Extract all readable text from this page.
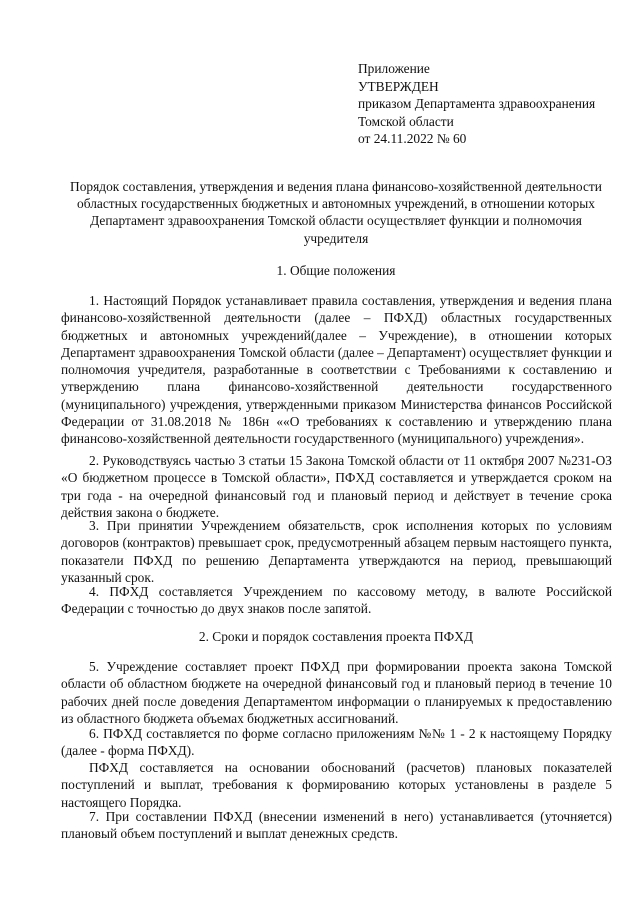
Приложение
УТВЕРЖДЕН
приказом Департамента здравоохранения
Томской области
от 24.11.2022 № 60
Порядок составления, утверждения и ведения плана финансово-хозяйственной деятельности областных государственных бюджетных и автономных учреждений, в отношении которых Департамент здравоохранения Томской области осуществляет функции и полномочия учредителя
1. Общие положения

1. Настоящий Порядок устанавливает правила составления, утверждения и ведения плана финансово-хозяйственной деятельности (далее – ПФХД) областных государственных бюджетных и автономных учреждений(далее – Учреждение), в отношении которых Департамент здравоохранения Томской области (далее – Департамент) осуществляет функции и полномочия учредителя, разработанные в соответствии с Требованиями к составлению и утверждению плана финансово-хозяйственной деятельности государственного (муниципального) учреждения, утвержденными приказом Министерства финансов Российской Федерации от 31.08.2018 № 186н ««О требованиях к составлению и утверждению плана финансово-хозяйственной деятельности государственного (муниципального) учреждения».

2. Руководствуясь частью 3 статьи 15 Закона Томской области от 11 октября 2007 №231-ОЗ «О бюджетном процессе в Томской области», ПФХД составляется и утверждается сроком на три года - на очередной финансовый год и плановый период и действует в течение срока действия закона о бюджете.

3. При принятии Учреждением обязательств, срок исполнения которых по условиям договоров (контрактов) превышает срок, предусмотренный абзацем первым настоящего пункта, показатели ПФХД по решению Департамента утверждаются на период, превышающий указанный срок.

4. ПФХД составляется Учреждением по кассовому методу, в валюте Российской Федерации с точностью до двух знаков после запятой.

2. Сроки и порядок составления проекта ПФХД

5. Учреждение составляет проект ПФХД при формировании проекта закона Томской области об областном бюджете на очередной финансовый год и плановый период в течение 10 рабочих дней после доведения Департаментом информации о планируемых к предоставлению из областного бюджета объемах бюджетных ассигнований.

6. ПФХД составляется по форме согласно приложениям №№ 1 - 2 к настоящему Порядку (далее - форма ПФХД).

ПФХД составляется на основании обоснований (расчетов) плановых показателей поступлений и выплат, требования к формированию которых установлены в разделе 5 настоящего Порядка.

7. При составлении ПФХД (внесении изменений в него) устанавливается (уточняется) плановый объем поступлений и выплат денежных средств.
